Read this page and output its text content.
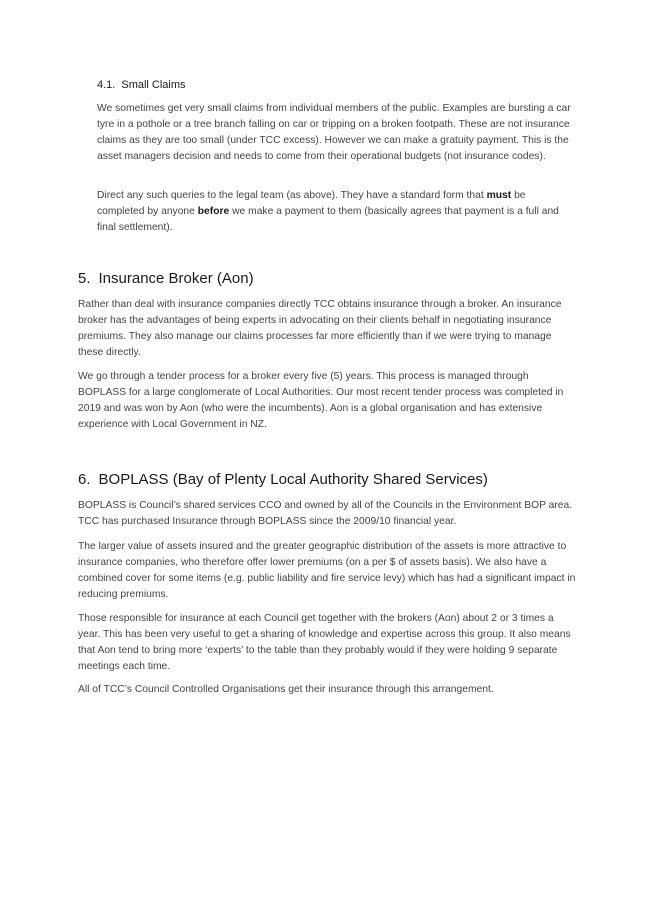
4.1. Small Claims

We sometimes get very small claims from individual members of the public. Examples are bursting a car tyre in a pothole or a tree branch falling on car or tripping on a broken footpath. These are not insurance claims as they are too small (under TCC excess). However we can make a gratuity payment. This is the asset managers decision and needs to come from their operational budgets (not insurance codes).

Direct any such queries to the legal team (as above). They have a standard form that must be completed by anyone before we make a payment to them (basically agrees that payment is a full and final settlement).

5. Insurance Broker (Aon)

Rather than deal with insurance companies directly TCC obtains insurance through a broker. An insurance broker has the advantages of being experts in advocating on their clients behalf in negotiating insurance premiums. They also manage our claims processes far more efficiently than if we were trying to manage these directly.

We go through a tender process for a broker every five (5) years. This process is managed through BOPLASS for a large conglomerate of Local Authorities. Our most recent tender process was completed in 2019 and was won by Aon (who were the incumbents). Aon is a global organisation and has extensive experience with Local Government in NZ.

6. BOPLASS (Bay of Plenty Local Authority Shared Services)

BOPLASS is Council’s shared services CCO and owned by all of the Councils in the Environment BOP area. TCC has purchased Insurance through BOPLASS since the 2009/10 financial year.

The larger value of assets insured and the greater geographic distribution of the assets is more attractive to insurance companies, who therefore offer lower premiums (on a per $ of assets basis). We also have a combined cover for some items (e.g. public liability and fire service levy) which has had a significant impact in reducing premiums.

Those responsible for insurance at each Council get together with the brokers (Aon) about 2 or 3 times a year. This has been very useful to get a sharing of knowledge and expertise across this group. It also means that Aon tend to bring more ‘experts’ to the table than they probably would if they were holding 9 separate meetings each time.

All of TCC’s Council Controlled Organisations get their insurance through this arrangement.
